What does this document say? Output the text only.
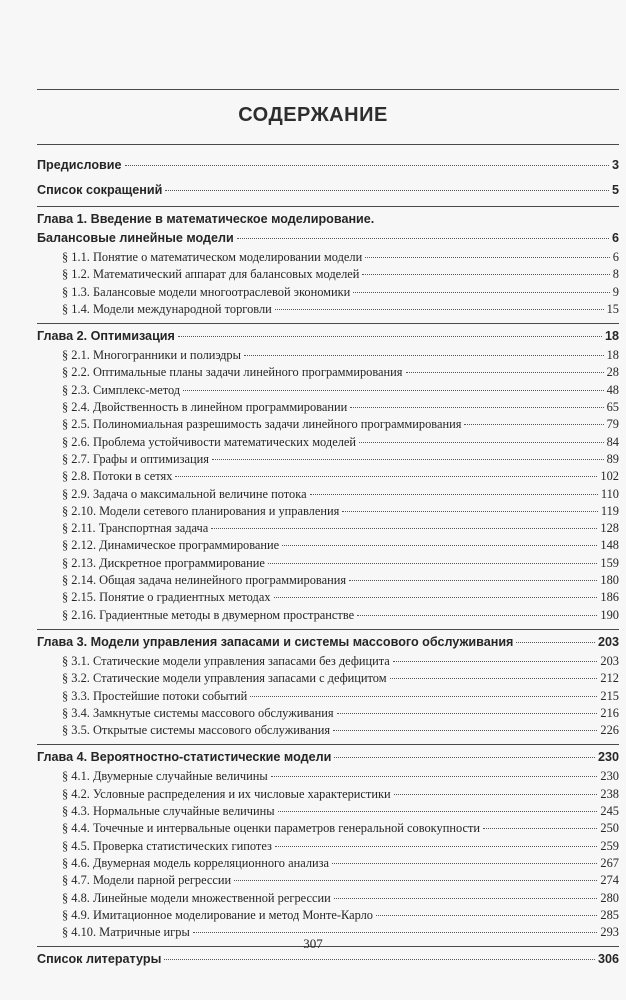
СОДЕРЖАНИЕ
Предисловие	3
Список сокращений	5
Глава 1. Введение в математическое моделирование.
Балансовые линейные модели	6
§ 1.1. Понятие о математическом моделировании модели	6
§ 1.2. Математический аппарат для балансовых моделей	8
§ 1.3. Балансовые модели многоотраслевой экономики	9
§ 1.4. Модели международной торговли	15
Глава 2. Оптимизация	18
§ 2.1. Многогранники и полиэдры	18
§ 2.2. Оптимальные планы задачи линейного программирования	28
§ 2.3. Симплекс-метод	48
§ 2.4. Двойственность в линейном программировании	65
§ 2.5. Полиномиальная разрешимость задачи линейного программирования	79
§ 2.6. Проблема устойчивости математических моделей	84
§ 2.7. Графы и оптимизация	89
§ 2.8. Потоки в сетях	102
§ 2.9. Задача о максимальной величине потока	110
§ 2.10. Модели сетевого планирования и управления	119
§ 2.11. Транспортная задача	128
§ 2.12. Динамическое программирование	148
§ 2.13. Дискретное программирование	159
§ 2.14. Общая задача нелинейного программирования	180
§ 2.15. Понятие о градиентных методах	186
§ 2.16. Градиентные методы в двумерном пространстве	190
Глава 3. Модели управления запасами и системы массового обслуживания	203
§ 3.1. Статические модели управления запасами без дефицита	203
§ 3.2. Статические модели управления запасами с дефицитом	212
§ 3.3. Простейшие потоки событий	215
§ 3.4. Замкнутые системы массового обслуживания	216
§ 3.5. Открытые системы массового обслуживания	226
Глава 4. Вероятностно-статистические модели	230
§ 4.1. Двумерные случайные величины	230
§ 4.2. Условные распределения и их числовые характеристики	238
§ 4.3. Нормальные случайные величины	245
§ 4.4. Точечные и интервальные оценки параметров генеральной совокупности	250
§ 4.5. Проверка статистических гипотез	259
§ 4.6. Двумерная модель корреляционного анализа	267
§ 4.7. Модели парной регрессии	274
§ 4.8. Линейные модели множественной регрессии	280
§ 4.9. Имитационное моделирование и метод Монте-Карло	285
§ 4.10. Матричные игры	293
Список литературы	306
307
